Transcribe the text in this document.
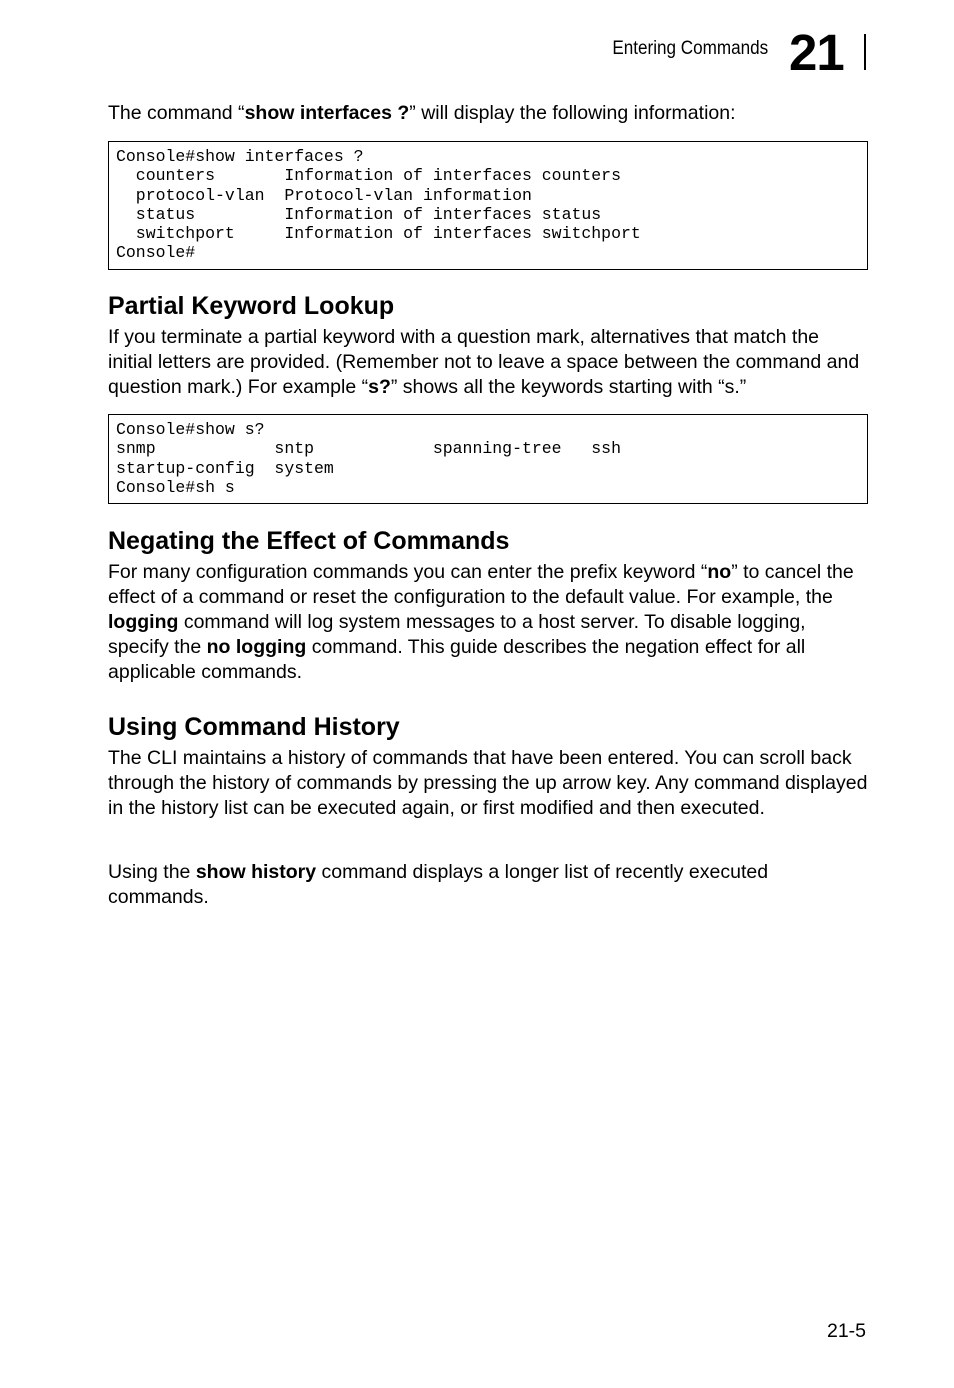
Entering Commands 21

The command “show interfaces ?” will display the following information:

Console#show interfaces ?
counters       Information of interfaces counters
protocol-vlan  Protocol-vlan information
status         Information of interfaces status
switchport     Information of interfaces switchport
Console#
Partial Keyword Lookup

If you terminate a partial keyword with a question mark, alternatives that match the initial letters are provided. (Remember not to leave a space between the command and question mark.) For example “s?” shows all the keywords starting with “s.”

Console#show s?
snmp            sntp            spanning-tree   ssh
startup-config  system
Console#sh s
Negating the Effect of Commands

For many configuration commands you can enter the prefix keyword “no” to cancel the effect of a command or reset the configuration to the default value. For example, the logging command will log system messages to a host server. To disable logging, specify the no logging command. This guide describes the negation effect for all applicable commands.

Using Command History

The CLI maintains a history of commands that have been entered. You can scroll back through the history of commands by pressing the up arrow key. Any command displayed in the history list can be executed again, or first modified and then executed.

Using the show history command displays a longer list of recently executed commands.

21-5
